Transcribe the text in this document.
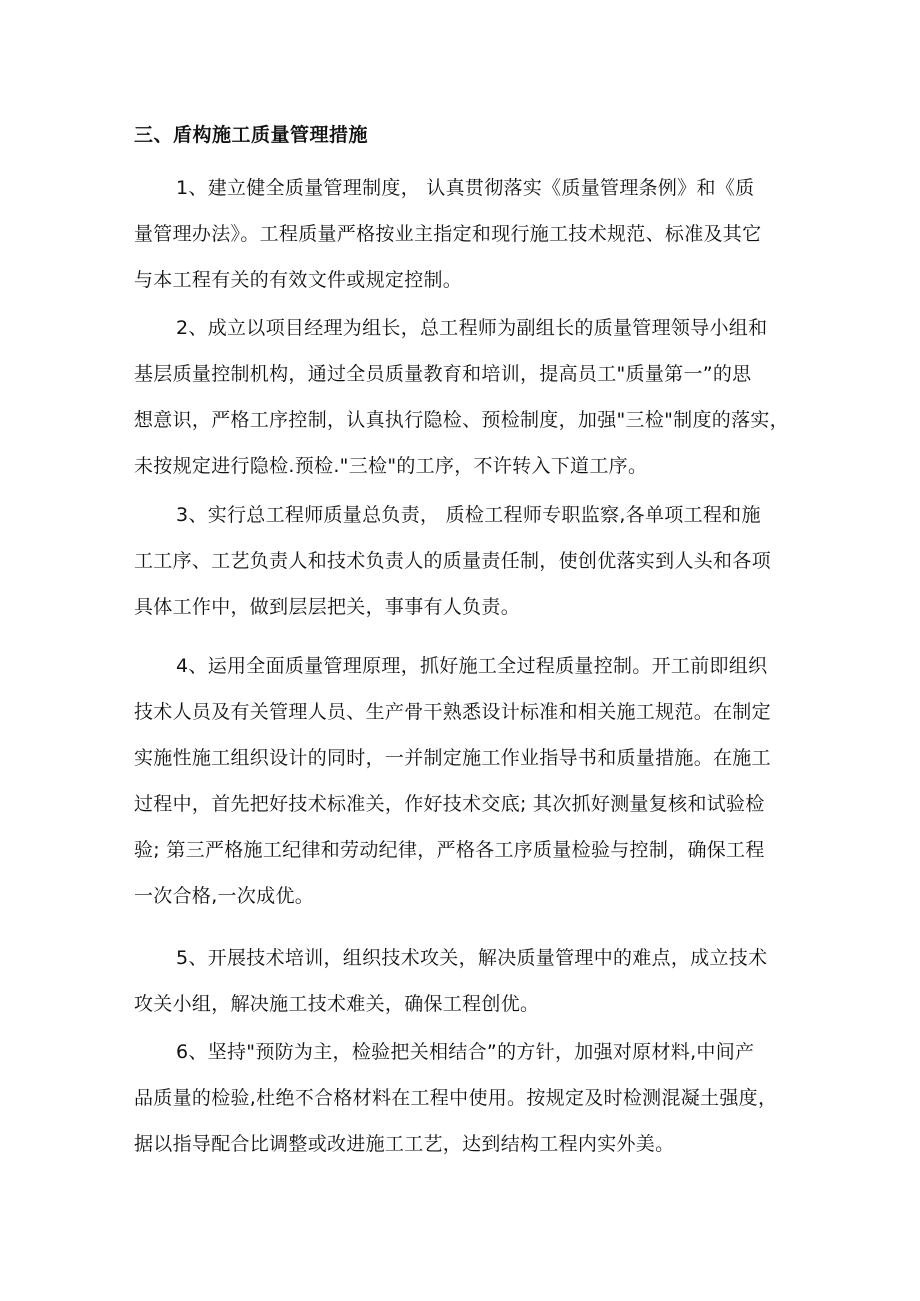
三、盾构施工质量管理措施
1、建立健全质量管理制度， 认真贯彻落实《质量管理条例》和《质
量管理办法》。工程质量严格按业主指定和现行施工技术规范、标准及其它
与本工程有关的有效文件或规定控制。
2、成立以项目经理为组长，总工程师为副组长的质量管理领导小组和
基层质量控制机构，通过全员质量教育和培训，提高员工"质量第一”的思
想意识，严格工序控制，认真执行隐检、预检制度，加强"三检"制度的落实，
未按规定进行隐检.预检."三检"的工序，不许转入下道工序。
3、实行总工程师质量总负责， 质检工程师专职监察,各单项工程和施
工工序、工艺负责人和技术负责人的质量责任制，使创优落实到人头和各项
具体工作中，做到层层把关，事事有人负责。
4、运用全面质量管理原理，抓好施工全过程质量控制。开工前即组织
技术人员及有关管理人员、生产骨干熟悉设计标准和相关施工规范。在制定
实施性施工组织设计的同时，一并制定施工作业指导书和质量措施。在施工
过程中，首先把好技术标准关，作好技术交底; 其次抓好测量复核和试验检
验; 第三严格施工纪律和劳动纪律，严格各工序质量检验与控制，确保工程
一次合格,一次成优。
5、开展技术培训，组织技术攻关，解决质量管理中的难点，成立技术
攻关小组，解决施工技术难关，确保工程创优。
6、坚持"预防为主，检验把关相结合”的方针，加强对原材料,中间产
品质量的检验,杜绝不合格材料在工程中使用。按规定及时检测混凝土强度，
据以指导配合比调整或改进施工工艺，达到结构工程内实外美。
